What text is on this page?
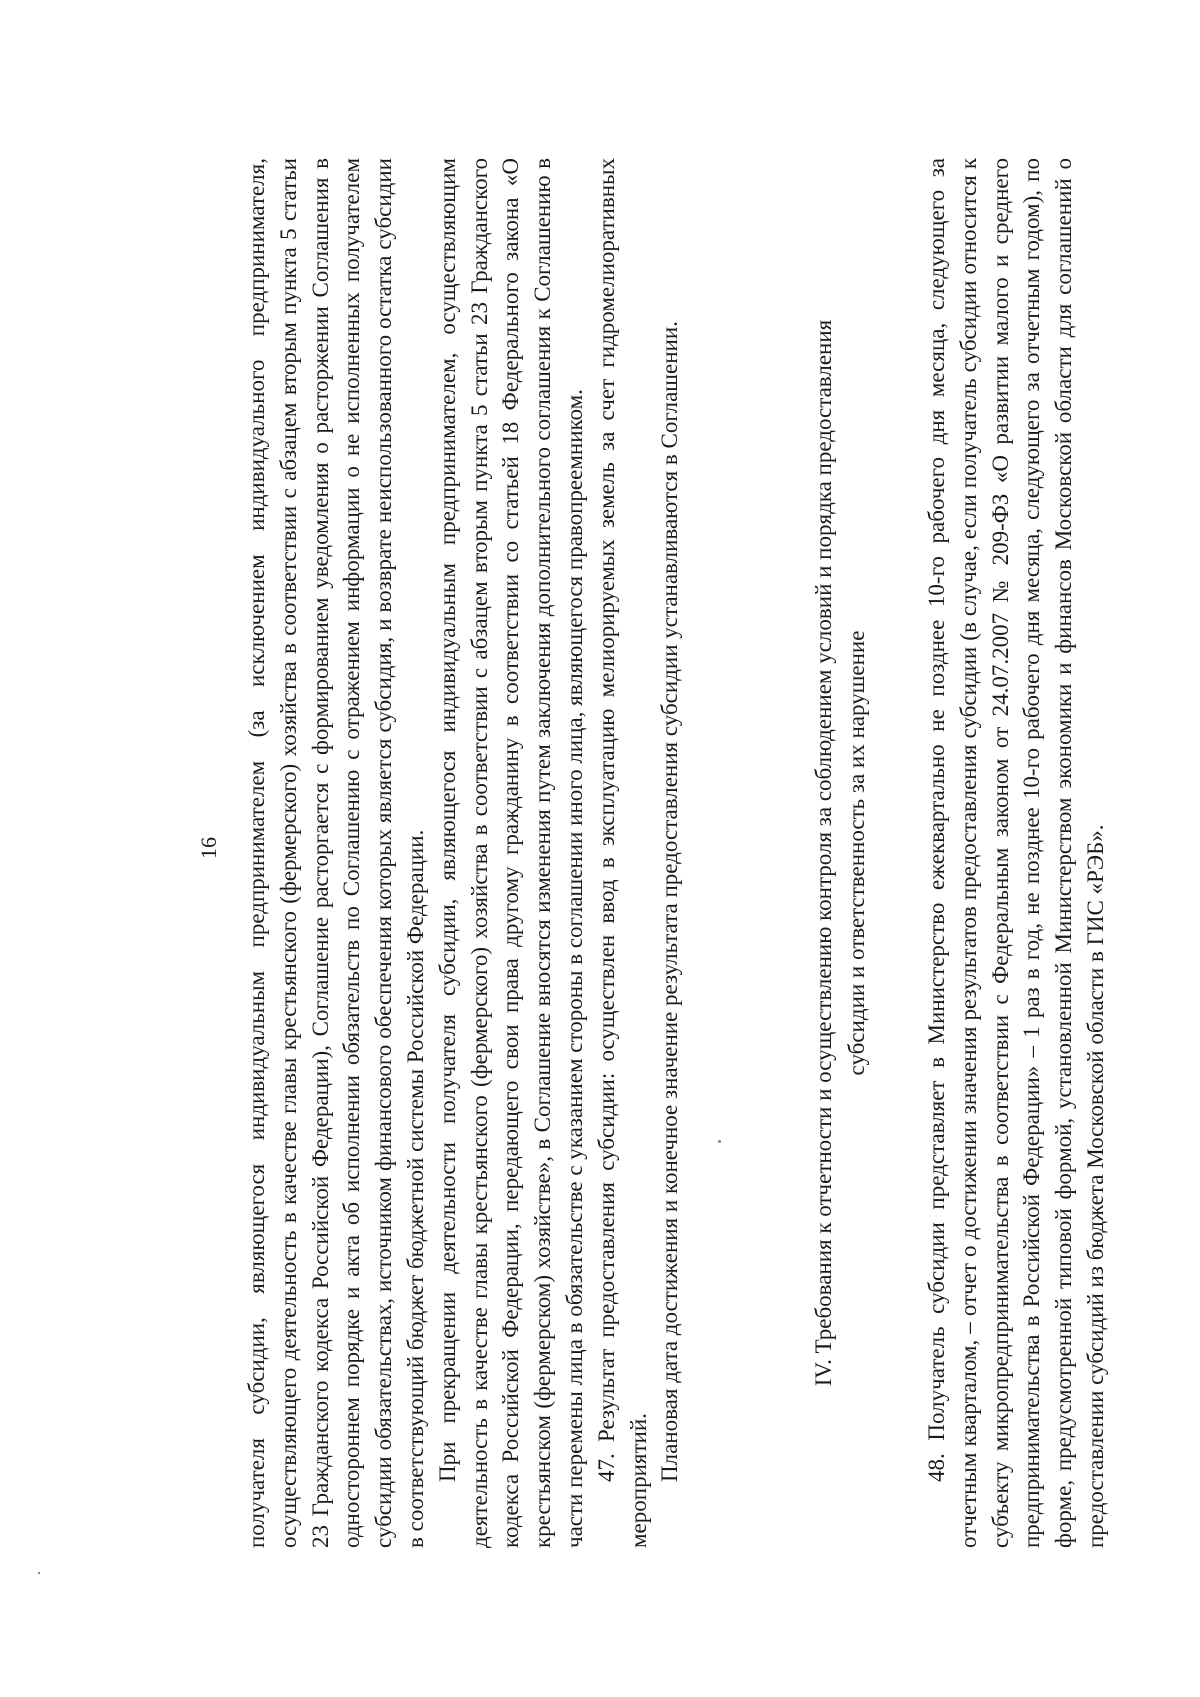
16 получателя субсидии, являющегося индивидуальным предпринимателем (за исключением индивидуального предпринимателя, осуществляющего деятельность в качестве главы крестьянского (фермерского) хозяйства в соответствии с абзацем вторым пункта 5 статьи 23 Гражданского кодекса Российской Федерации), Соглашение расторгается с формированием уведомления о расторжении Соглашения в одностороннем порядке и акта об исполнении обязательств по Соглашению с отражением информации о не исполненных получателем субсидии обязательствах, источником финансового обеспечения которых является субсидия, и возврате неиспользованного остатка субсидии в соответствующий бюджет бюджетной системы Российской Федерации. При прекращении деятельности получателя субсидии, являющегося индивидуальным предпринимателем, осуществляющим деятельность в качестве главы крестьянского (фермерского) хозяйства в соответствии с абзацем вторым пункта 5 статьи 23 Гражданского кодекса Российской Федерации, передающего свои права другому гражданину в соответствии со статьей 18 Федерального закона «О крестьянском (фермерском) хозяйстве», в Соглашение вносятся изменения путем заключения дополнительного соглашения к Соглашению в части перемены лица в обязательстве с указанием стороны в соглашении иного лица, являющегося правопреемником. 47. Результат предоставления субсидии: осуществлен ввод в эксплуатацию мелиорируемых земель за счет гидромелиоративных мероприятий. Плановая дата достижения и конечное значение результата предоставления субсидии устанавливаются в Соглашении.	IV. Требования к отчетности и осуществлению контроля за соблюдением условий и порядка предоставления субсидии и ответственность за их нарушение 48. Получатель субсидии представляет в Министерство ежеквартально не позднее 10-го рабочего дня месяца, следующего за отчетным кварталом, – отчет о достижении значения результатов предоставления субсидии (в случае, если получатель субсидии относится к субъекту микропредпринимательства в соответствии с Федеральным законом от 24.07.2007 № 209-ФЗ «О развитии малого и среднего предпринимательства в Российской Федерации» – 1 раз в год, не позднее 10-го рабочего дня месяца, следующего за отчетным годом), по форме, предусмотренной типовой формой, установленной Министерством экономики и финансов Московской области для соглашений о предоставлении субсидий из бюджета Московской области в ГИС «РЭБ».
